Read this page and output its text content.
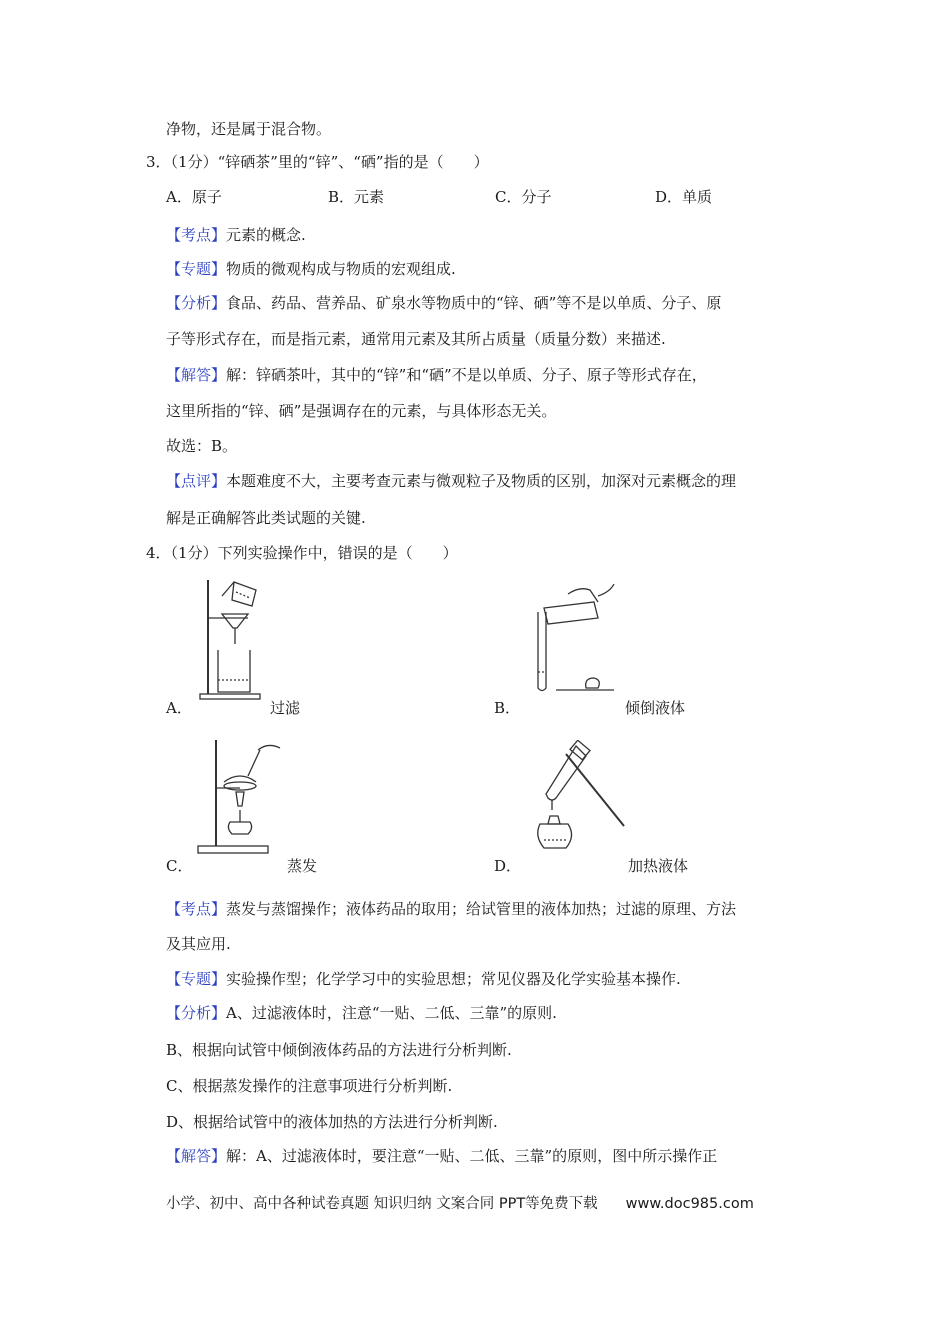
净物，还是属于混合物。
3．（1分）“锌硒茶”里的“锌”、“硒”指的是（　　）
A．原子	B．元素	C．分子	D．单质
【考点】元素的概念.
【专题】物质的微观构成与物质的宏观组成.
【分析】食品、药品、营养品、矿泉水等物质中的“锌、硒”等不是以单质、分子、原
子等形式存在，而是指元素，通常用元素及其所占质量（质量分数）来描述.
【解答】解：锌硒茶叶，其中的“锌”和“硒”不是以单质、分子、原子等形式存在，
这里所指的“锌、硒”是强调存在的元素，与具体形态无关。
故选：B。
【点评】本题难度不大，主要考查元素与微观粒子及物质的区别，加深对元素概念的理
解是正确解答此类试题的关键.
4．（1分）下列实验操作中，错误的是（　　）
A．	过滤	B．	倾倒液体
C．	蒸发	D．	加热液体
【考点】蒸发与蒸馏操作；液体药品的取用；给试管里的液体加热；过滤的原理、方法
及其应用.
【专题】实验操作型；化学学习中的实验思想；常见仪器及化学实验基本操作.
【分析】A、过滤液体时，注意“一贴、二低、三靠”的原则.
B、根据向试管中倾倒液体药品的方法进行分析判断.
C、根据蒸发操作的注意事项进行分析判断.
D、根据给试管中的液体加热的方法进行分析判断.
【解答】解：A、过滤液体时，要注意“一贴、二低、三靠”的原则，图中所示操作正
小学、初中、高中各种试卷真题 知识归纳 文案合同 PPT等免费下载 www.doc985.com
